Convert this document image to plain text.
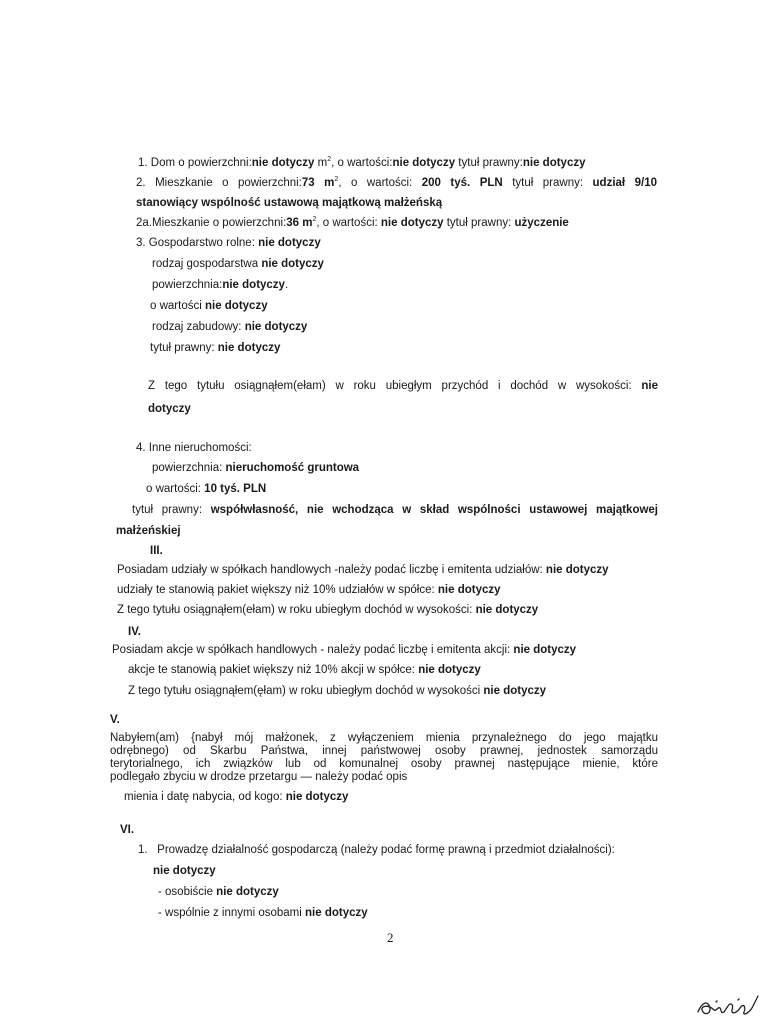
1. Dom o powierzchni:nie dotyczy $m^2$, o wartości:nie dotyczy tytuł prawny:nie dotyczy
2. Mieszkanie o powierzchni:73 $m^2$, o wartości: 200 tyś. PLN tytuł prawny: udział 9/10
stanowiący wspólność ustawową majątkową małżeńską
2a.Mieszkanie o powierzchni:36 $m^2$, o wartości: nie dotyczy tytuł prawny: użyczenie
3. Gospodarstwo rolne: nie dotyczy
rodzaj gospodarstwa nie dotyczy
powierzchnia:nie dotyczy.
o wartości nie dotyczy
rodzaj zabudowy: nie dotyczy
tytuł prawny: nie dotyczy
Z tego tytułu osiągnąłem(ełam) w roku ubiegłym przychód i dochód w wysokości: nie
dotyczy
4. Inne nieruchomości:
powierzchnia: nieruchomość gruntowa
o wartości: 10 tyś. PLN
tytuł prawny: współwłasność, nie wchodząca w skład wspólności ustawowej majątkowej
małżeńskiej
III.
Posiadam udziały w spółkach handlowych -należy podać liczbę i emitenta udziałów: nie dotyczy
udziały te stanowią pakiet większy niż 10% udziałów w spółce: nie dotyczy
Z tego tytułu osiągnąłem(ełam) w roku ubiegłym dochód w wysokości: nie dotyczy
IV.
Posiadam akcje w spółkach handlowych - należy podać liczbę i emitenta akcji: nie dotyczy
akcje te stanowią pakiet większy niż 10% akcji w spółce: nie dotyczy
Z tego tytułu osiągnąłem(ęłam) w roku ubiegłym dochód w wysokości nie dotyczy
V.
Nabyłem(am) {nabył mój małżonek, z wyłączeniem mienia przynależnego do jego majątku
odrębnego) od Skarbu Państwa, innej państwowej osoby prawnej, jednostek samorządu
terytorialnego, ich związków lub od komunalnej osoby prawnej następujące mienie, które
podlegało zbyciu w drodze przetargu — należy podać opis
mienia i datę nabycia, od kogo: nie dotyczy
VI.
1.   Prowadzę działalność gospodarczą (należy podać formę prawną i przedmiot działalności):
nie dotyczy
- osobiście nie dotyczy
- wspólnie z innymi osobami nie dotyczy
2
